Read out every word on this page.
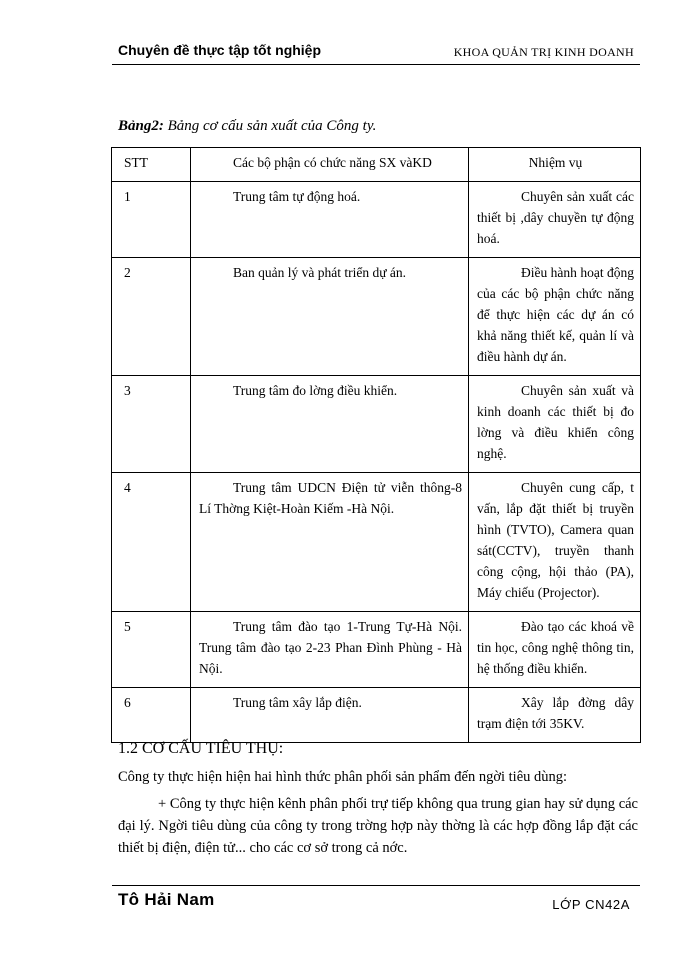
Chuyên đề thực tập tốt nghiệp	KHOA QUẢN TRỊ KINH DOANH
Bảng2: Bảng cơ cấu sản xuất của Công ty.
STT	Các bộ phận có chức năng SX vàKD	Nhiệm vụ
1	Trung tâm tự động hoá.	Chuyên sản xuất các thiết bị ,dây chuyền tự động hoá.
2	Ban quản lý và phát triển dự án.	Điều hành hoạt động của các bộ phận chức năng để thực hiện các dự án có khả năng thiết kế, quản lí và điều hành dự án.
3	Trung tâm đo lờng điều khiển.	Chuyên sản xuất và kinh doanh các thiết bị đo lờng và điều khiển công nghệ.
4	Trung tâm UDCN Điện tử viễn thông-8 Lí Thờng Kiệt-Hoàn Kiếm -Hà Nội.	Chuyên cung cấp, t vấn, lắp đặt thiết bị truyền hình (TVTO), Camera quan sát(CCTV), truyền thanh công cộng, hội thảo (PA), Máy chiếu (Projector).
5	Trung tâm đào tạo 1-Trung Tự-Hà Nội. Trung tâm đào tạo 2-23 Phan Đình Phùng - Hà Nội.	Đào tạo các khoá về tin học, công nghệ thông tin, hệ thống điều khiển.
6	Trung tâm xây lắp điện.	Xây lắp đờng dây trạm điện tới 35KV.
1.2 CƠ CẤU TIÊU THỤ:
Công ty thực hiện hiện hai hình thức phân phối sản phẩm đến ngời tiêu dùng:
+ Công ty thực hiện kênh phân phối trự tiếp không qua trung gian hay sử dụng các đại lý. Ngời tiêu dùng của công ty trong trờng hợp này thờng là các hợp đồng lắp đặt các thiết bị điện, điện tử... cho các cơ sở trong cả nớc.
Tô Hải Nam	LỚP CN42A
